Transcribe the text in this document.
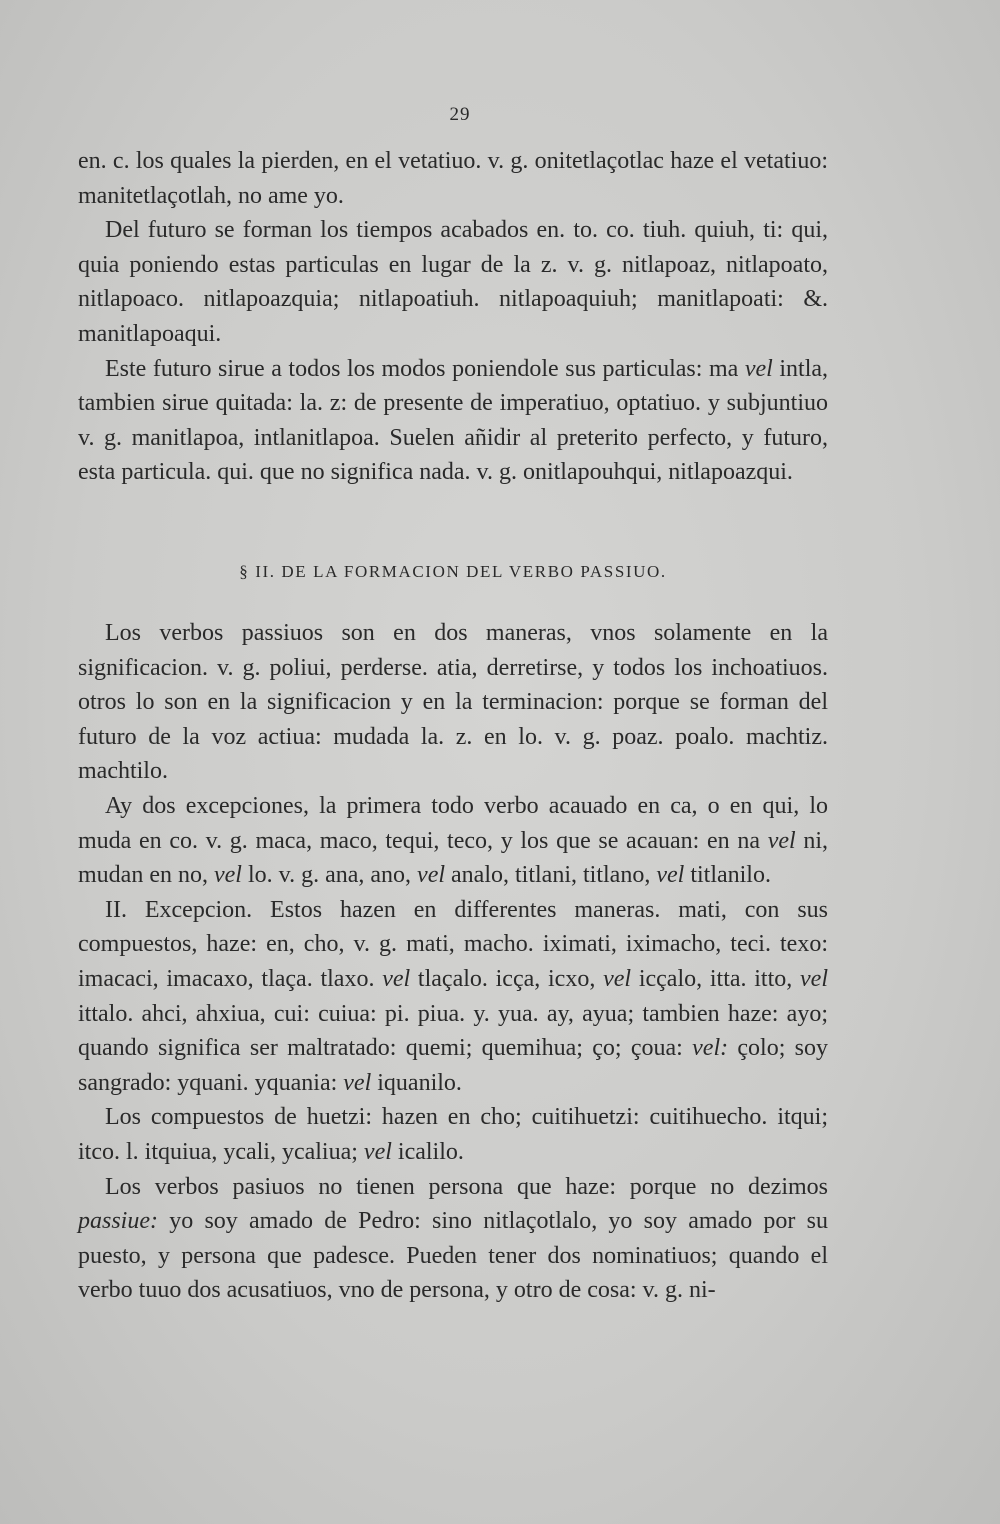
29

en. c. los quales la pierden, en el vetatiuo. v. g. onitetlaçotlac haze el vetatiuo: manitetlaçotlah, no ame yo.

Del futuro se forman los tiempos acabados en. to. co. tiuh. quiuh, ti: qui, quia poniendo estas particulas en lugar de la z. v. g. nitlapoaz, nitlapoato, nitlapoaco. nitlapoazquia; nitlapoatiuh. nitlapoaquiuh; manitlapoati: &. manitlapoaqui.

Este futuro sirue a todos los modos poniendole sus particulas: ma vel intla, tambien sirue quitada: la. z: de presente de imperatiuo, optatiuo. y subjuntiuo v. g. manitlapoa, intlanitlapoa. Suelen añidir al preterito perfecto, y futuro, esta particula. qui. que no significa nada. v. g. onitlapouhqui, nitlapoazqui.

§ II. DE LA FORMACION DEL VERBO PASSIUO.

Los verbos passiuos son en dos maneras, vnos solamente en la significacion. v. g. poliui, perderse. atia, derretirse, y todos los inchoatiuos. otros lo son en la significacion y en la terminacion: porque se forman del futuro de la voz actiua: mudada la. z. en lo. v. g. poaz. poalo. machtiz. machtilo.

Ay dos excepciones, la primera todo verbo acauado en ca, o en qui, lo muda en co. v. g. maca, maco, tequi, teco, y los que se acauan: en na vel ni, mudan en no, vel lo. v. g. ana, ano, vel analo, titlani, titlano, vel titlanilo.

II. Excepcion. Estos hazen en differentes maneras. mati, con sus compuestos, haze: en, cho, v. g. mati, macho. iximati, iximacho, teci. texo: imacaci, imacaxo, tlaça. tlaxo. vel tlaçalo. icça, icxo, vel icçalo, itta. itto, vel ittalo. ahci, ahxiua, cui: cuiua: pi. piua. y. yua. ay, ayua; tambien haze: ayo; quando significa ser maltratado: quemi; quemihua; ço; çoua: vel: çolo; soy sangrado: yquani. yquania: vel iquanilo.

Los compuestos de huetzi: hazen en cho; cuitihuetzi: cuitihuecho. itqui; itco. l. itquiua, ycali, ycaliua; vel icalilo.

Los verbos pasiuos no tienen persona que haze: porque no dezimos passiue: yo soy amado de Pedro: sino nitlaçotlalo, yo soy amado por su puesto, y persona que padesce. Pueden tener dos nominatiuos; quando el verbo tuuo dos acusatiuos, vno de persona, y otro de cosa: v. g. ni-
